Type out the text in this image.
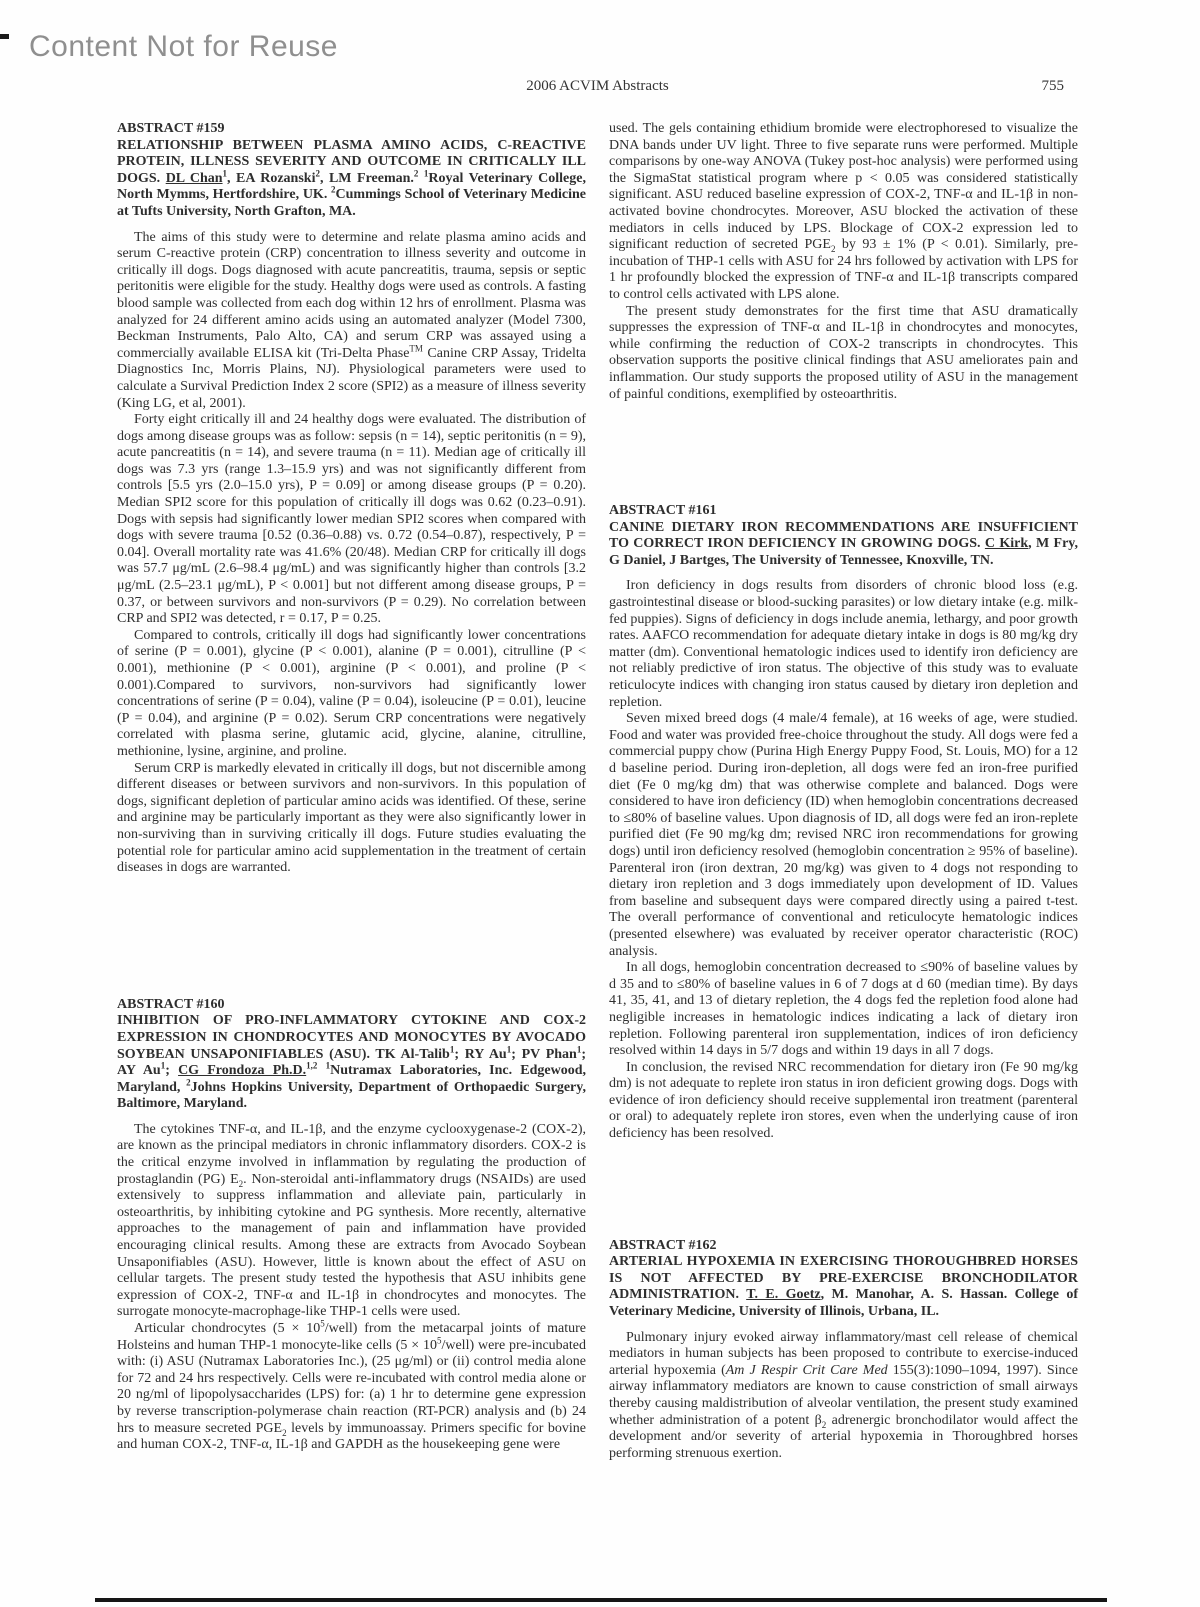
Content Not for Reuse
2006 ACVIM Abstracts	755
ABSTRACT #159
RELATIONSHIP BETWEEN PLASMA AMINO ACIDS, C-REACTIVE PROTEIN, ILLNESS SEVERITY AND OUTCOME IN CRITICALLY ILL DOGS. DL Chan$^1$, EA Rozanski$^2$, LM Freeman.$^2$ $^1$Royal Veterinary College, North Mymms, Hertfordshire, UK. $^2$Cummings School of Veterinary Medicine at Tufts University, North Grafton, MA.
The aims of this study were to determine and relate plasma amino acids and serum C-reactive protein (CRP) concentration to illness severity and outcome in critically ill dogs. Dogs diagnosed with acute pancreatitis, trauma, sepsis or septic peritonitis were eligible for the study. Healthy dogs were used as controls. A fasting blood sample was collected from each dog within 12 hrs of enrollment. Plasma was analyzed for 24 different amino acids using an automated analyzer (Model 7300, Beckman Instruments, Palo Alto, CA) and serum CRP was assayed using a commercially available ELISA kit (Tri-Delta Phase™ Canine CRP Assay, Tridelta Diagnostics Inc, Morris Plains, NJ). Physiological parameters were used to calculate a Survival Prediction Index 2 score (SPI2) as a measure of illness severity (King LG, et al, 2001).
Forty eight critically ill and 24 healthy dogs were evaluated. The distribution of dogs among disease groups was as follow: sepsis (n = 14), septic peritonitis (n = 9), acute pancreatitis (n = 14), and severe trauma (n = 11). Median age of critically ill dogs was 7.3 yrs (range 1.3–15.9 yrs) and was not significantly different from controls [5.5 yrs (2.0–15.0 yrs), P = 0.09] or among disease groups (P = 0.20). Median SPI2 score for this population of critically ill dogs was 0.62 (0.23–0.91). Dogs with sepsis had significantly lower median SPI2 scores when compared with dogs with severe trauma [0.52 (0.36–0.88) vs. 0.72 (0.54–0.87), respectively, P = 0.04]. Overall mortality rate was 41.6% (20/48). Median CRP for critically ill dogs was 57.7 μg/mL (2.6–98.4 μg/mL) and was significantly higher than controls [3.2 μg/mL (2.5–23.1 μg/mL), P < 0.001] but not different among disease groups, P = 0.37, or between survivors and non-survivors (P = 0.29). No correlation between CRP and SPI2 was detected, r = 0.17, P = 0.25.
Compared to controls, critically ill dogs had significantly lower concentrations of serine (P = 0.001), glycine (P < 0.001), alanine (P = 0.001), citrulline (P < 0.001), methionine (P < 0.001), arginine (P < 0.001), and proline (P < 0.001).Compared to survivors, non-survivors had significantly lower concentrations of serine (P = 0.04), valine (P = 0.04), isoleucine (P = 0.01), leucine (P = 0.04), and arginine (P = 0.02). Serum CRP concentrations were negatively correlated with plasma serine, glutamic acid, glycine, alanine, citrulline, methionine, lysine, arginine, and proline.
Serum CRP is markedly elevated in critically ill dogs, but not discernible among different diseases or between survivors and non-survivors. In this population of dogs, significant depletion of particular amino acids was identified. Of these, serine and arginine may be particularly important as they were also significantly lower in non-surviving than in surviving critically ill dogs. Future studies evaluating the potential role for particular amino acid supplementation in the treatment of certain diseases in dogs are warranted.
ABSTRACT #160
INHIBITION OF PRO-INFLAMMATORY CYTOKINE AND COX-2 EXPRESSION IN CHONDROCYTES AND MONOCYTES BY AVOCADO SOYBEAN UNSAPONIFIABLES (ASU). TK Al-Talib$^1$; RY Au$^1$; PV Phan$^1$; AY Au$^1$; CG Frondoza Ph.D.$^{1,2}$ $^1$Nutramax Laboratories, Inc. Edgewood, Maryland, $^2$Johns Hopkins University, Department of Orthopaedic Surgery, Baltimore, Maryland.
The cytokines TNF-α, and IL-1β, and the enzyme cyclooxygenase-2 (COX-2), are known as the principal mediators in chronic inflammatory disorders. COX-2 is the critical enzyme involved in inflammation by regulating the production of prostaglandin (PG) $E_2$. Non-steroidal anti-inflammatory drugs (NSAIDs) are used extensively to suppress inflammation and alleviate pain, particularly in osteoarthritis, by inhibiting cytokine and PG synthesis. More recently, alternative approaches to the management of pain and inflammation have provided encouraging clinical results. Among these are extracts from Avocado Soybean Unsaponifiables (ASU). However, little is known about the effect of ASU on cellular targets. The present study tested the hypothesis that ASU inhibits gene expression of COX-2, TNF-α and IL-1β in chondrocytes and monocytes. The surrogate monocyte-macrophage-like THP-1 cells were used.
Articular chondrocytes $(5 \times 10^5/well)$ from the metacarpal joints of mature Holsteins and human THP-1 monocyte-like cells $(5 \times 10^5/well)$ were pre-incubated with: (i) ASU (Nutramax Laboratories Inc.), (25 μg/ml) or (ii) control media alone for 72 and 24 hrs respectively. Cells were re-incubated with control media alone or 20 ng/ml of lipopolysaccharides (LPS) for: (a) 1 hr to determine gene expression by reverse transcription-polymerase chain reaction (RT-PCR) analysis and (b) 24 hrs to measure secreted $PGE_2$ levels by immunoassay. Primers specific for bovine and human COX-2, TNF-α, IL-1β and GAPDH as the housekeeping gene were
used. The gels containing ethidium bromide were electrophoresed to visualize the DNA bands under UV light. Three to five separate runs were performed. Multiple comparisons by one-way ANOVA (Tukey post-hoc analysis) were performed using the SigmaStat statistical program where p < 0.05 was considered statistically significant. ASU reduced baseline expression of COX-2, TNF-α and IL-1β in non-activated bovine chondrocytes. Moreover, ASU blocked the activation of these mediators in cells induced by LPS. Blockage of COX-2 expression led to significant reduction of secreted $PGE_2$ by 93 ± 1% (P < 0.01). Similarly, pre-incubation of THP-1 cells with ASU for 24 hrs followed by activation with LPS for 1 hr profoundly blocked the expression of TNF-α and IL-1β transcripts compared to control cells activated with LPS alone.
The present study demonstrates for the first time that ASU dramatically suppresses the expression of TNF-α and IL-1β in chondrocytes and monocytes, while confirming the reduction of COX-2 transcripts in chondrocytes. This observation supports the positive clinical findings that ASU ameliorates pain and inflammation. Our study supports the proposed utility of ASU in the management of painful conditions, exemplified by osteoarthritis.
ABSTRACT #161
CANINE DIETARY IRON RECOMMENDATIONS ARE INSUFFICIENT TO CORRECT IRON DEFICIENCY IN GROWING DOGS. C Kirk, M Fry, G Daniel, J Bartges, The University of Tennessee, Knoxville, TN.
Iron deficiency in dogs results from disorders of chronic blood loss (e.g. gastrointestinal disease or blood-sucking parasites) or low dietary intake (e.g. milk-fed puppies). Signs of deficiency in dogs include anemia, lethargy, and poor growth rates. AAFCO recommendation for adequate dietary intake in dogs is 80 mg/kg dry matter (dm). Conventional hematologic indices used to identify iron deficiency are not reliably predictive of iron status. The objective of this study was to evaluate reticulocyte indices with changing iron status caused by dietary iron depletion and repletion.
Seven mixed breed dogs (4 male/4 female), at 16 weeks of age, were studied. Food and water was provided free-choice throughout the study. All dogs were fed a commercial puppy chow (Purina High Energy Puppy Food, St. Louis, MO) for a 12 d baseline period. During iron-depletion, all dogs were fed an iron-free purified diet (Fe 0 mg/kg dm) that was otherwise complete and balanced. Dogs were considered to have iron deficiency (ID) when hemoglobin concentrations decreased to ≤80% of baseline values. Upon diagnosis of ID, all dogs were fed an iron-replete purified diet (Fe 90 mg/kg dm; revised NRC iron recommendations for growing dogs) until iron deficiency resolved (hemoglobin concentration ≥ 95% of baseline). Parenteral iron (iron dextran, 20 mg/kg) was given to 4 dogs not responding to dietary iron repletion and 3 dogs immediately upon development of ID. Values from baseline and subsequent days were compared directly using a paired t-test. The overall performance of conventional and reticulocyte hematologic indices (presented elsewhere) was evaluated by receiver operator characteristic (ROC) analysis.
In all dogs, hemoglobin concentration decreased to ≤90% of baseline values by d 35 and to ≤80% of baseline values in 6 of 7 dogs at d 60 (median time). By days 41, 35, 41, and 13 of dietary repletion, the 4 dogs fed the repletion food alone had negligible increases in hematologic indices indicating a lack of dietary iron repletion. Following parenteral iron supplementation, indices of iron deficiency resolved within 14 days in 5/7 dogs and within 19 days in all 7 dogs.
In conclusion, the revised NRC recommendation for dietary iron (Fe 90 mg/kg dm) is not adequate to replete iron status in iron deficient growing dogs. Dogs with evidence of iron deficiency should receive supplemental iron treatment (parenteral or oral) to adequately replete iron stores, even when the underlying cause of iron deficiency has been resolved.
ABSTRACT #162
ARTERIAL HYPOXEMIA IN EXERCISING THOROUGHBRED HORSES IS NOT AFFECTED BY PRE-EXERCISE BRONCHODILATOR ADMINISTRATION. T. E. Goetz, M. Manohar, A. S. Hassan. College of Veterinary Medicine, University of Illinois, Urbana, IL.
Pulmonary injury evoked airway inflammatory/mast cell release of chemical mediators in human subjects has been proposed to contribute to exercise-induced arterial hypoxemia (Am J Respir Crit Care Med 155(3):1090–1094, 1997). Since airway inflammatory mediators are known to cause constriction of small airways thereby causing maldistribution of alveolar ventilation, the present study examined whether administration of a potent $\beta_2$ adrenergic bronchodilator would affect the development and/or severity of arterial hypoxemia in Thoroughbred horses performing strenuous exertion.
